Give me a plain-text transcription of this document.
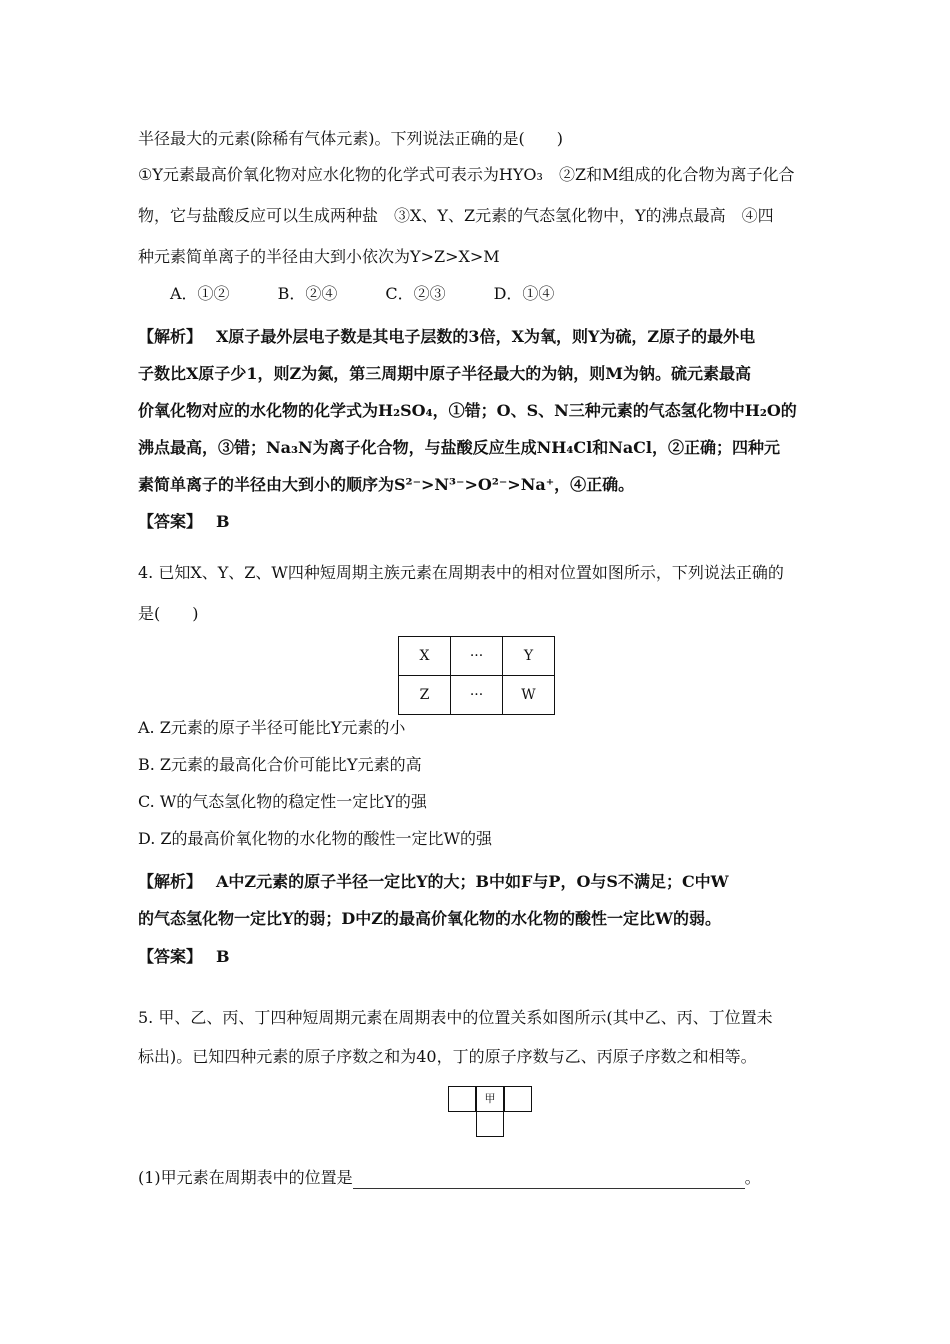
半径最大的元素(除稀有气体元素)。下列说法正确的是(　　)
①Y元素最高价氧化物对应水化物的化学式可表示为HYO₃　②Z和M组成的化合物为离子化合
物，它与盐酸反应可以生成两种盐　③X、Y、Z元素的气态氢化物中，Y的沸点最高　④四
种元素简单离子的半径由大到小依次为Y>Z>X>M
A．①②	B．②④	C．②③	D．①④
【解析】 X原子最外层电子数是其电子层数的3倍，X为氧，则Y为硫，Z原子的最外电
子数比X原子少1，则Z为氮，第三周期中原子半径最大的为钠，则M为钠。硫元素最高
价氧化物对应的水化物的化学式为H₂SO₄，①错；O、S、N三种元素的气态氢化物中H₂O的
沸点最高，③错；Na₃N为离子化合物，与盐酸反应生成NH₄Cl和NaCl，②正确；四种元
素简单离子的半径由大到小的顺序为S²⁻>N³⁻>O²⁻>Na⁺，④正确。
【答案】 B
4. 已知X、Y、Z、W四种短周期主族元素在周期表中的相对位置如图所示，下列说法正确的
是(　　)
X	···	Y
Z	···	W
A. Z元素的原子半径可能比Y元素的小
B. Z元素的最高化合价可能比Y元素的高
C. W的气态氢化物的稳定性一定比Y的强
D. Z的最高价氧化物的水化物的酸性一定比W的强
【解析】 A中Z元素的原子半径一定比Y的大；B中如F与P，O与S不满足；C中W
的气态氢化物一定比Y的弱；D中Z的最高价氧化物的水化物的酸性一定比W的弱。
【答案】 B
5. 甲、乙、丙、丁四种短周期元素在周期表中的位置关系如图所示(其中乙、丙、丁位置未
标出)。已知四种元素的原子序数之和为40，丁的原子序数与乙、丙原子序数之和相等。
甲
(1)甲元素在周期表中的位置是	。
